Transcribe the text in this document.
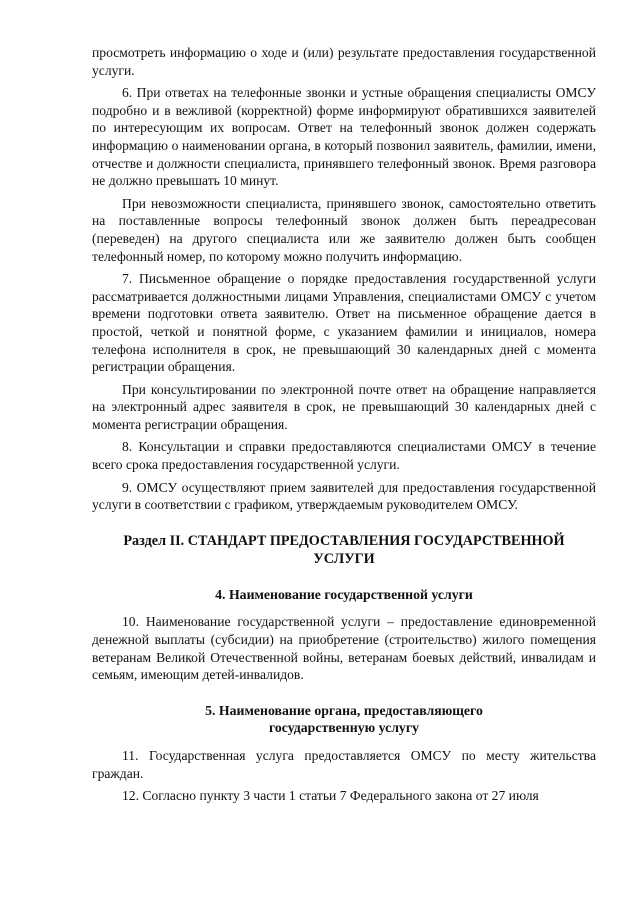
просмотреть информацию о ходе и (или) результате предоставления государственной услуги.

6. При ответах на телефонные звонки и устные обращения специалисты ОМСУ подробно и в вежливой (корректной) форме информируют обратившихся заявителей по интересующим их вопросам. Ответ на телефонный звонок должен содержать информацию о наименовании органа, в который позвонил заявитель, фамилии, имени, отчестве и должности специалиста, принявшего телефонный звонок. Время разговора не должно превышать 10 минут.

При невозможности специалиста, принявшего звонок, самостоятельно ответить на поставленные вопросы телефонный звонок должен быть переадресован (переведен) на другого специалиста или же заявителю должен быть сообщен телефонный номер, по которому можно получить информацию.

7. Письменное обращение о порядке предоставления государственной услуги рассматривается должностными лицами Управления, специалистами ОМСУ с учетом времени подготовки ответа заявителю. Ответ на письменное обращение дается в простой, четкой и понятной форме, с указанием фамилии и инициалов, номера телефона исполнителя в срок, не превышающий 30 календарных дней с момента регистрации обращения.

При консультировании по электронной почте ответ на обращение направляется на электронный адрес заявителя в срок, не превышающий 30 календарных дней с момента регистрации обращения.

8. Консультации и справки предоставляются специалистами ОМСУ в течение всего срока предоставления государственной услуги.

9. ОМСУ осуществляют прием заявителей для предоставления государственной услуги в соответствии с графиком, утверждаемым руководителем ОМСУ.

Раздел II. СТАНДАРТ ПРЕДОСТАВЛЕНИЯ ГОСУДАРСТВЕННОЙ УСЛУГИ
4. Наименование государственной услуги

10. Наименование государственной услуги – предоставление единовременной денежной выплаты (субсидии) на приобретение (строительство) жилого помещения ветеранам Великой Отечественной войны, ветеранам боевых действий, инвалидам и семьям, имеющим детей-инвалидов.

5. Наименование органа, предоставляющего
государственную услугу

11. Государственная услуга предоставляется ОМСУ по месту жительства граждан.

12. Согласно пункту 3 части 1 статьи 7 Федерального закона от 27 июля
